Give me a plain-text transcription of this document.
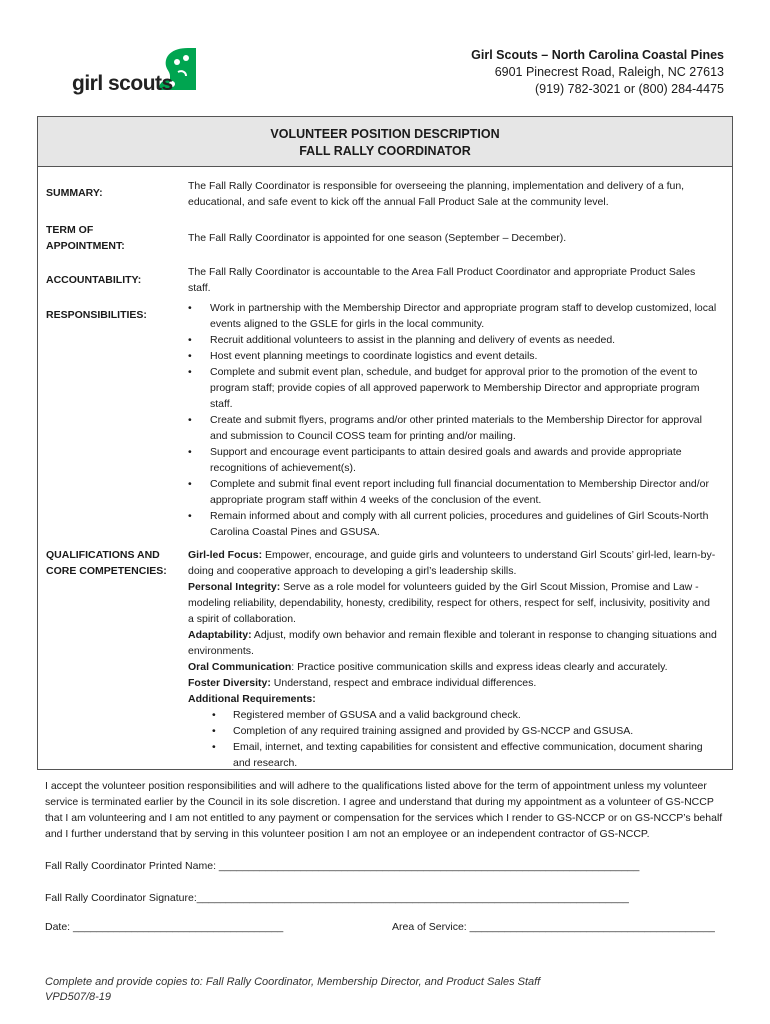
girl scouts
Girl Scouts – North Carolina Coastal Pines
6901 Pinecrest Road, Raleigh, NC 27613
(919) 782-3021 or (800) 284-4475
VOLUNTEER POSITION DESCRIPTION
FALL RALLY COORDINATOR
SUMMARY:
The Fall Rally Coordinator is responsible for overseeing the planning, implementation and delivery of a fun, educational, and safe event to kick off the annual Fall Product Sale at the community level.
TERM OF
APPOINTMENT:
The Fall Rally Coordinator is appointed for one season (September – December).
ACCOUNTABILITY:
The Fall Rally Coordinator is accountable to the Area Fall Product Coordinator and appropriate Product Sales staff.
RESPONSIBILITIES:
• Work in partnership with the Membership Director and appropriate program staff to develop customized, local events aligned to the GSLE for girls in the local community.
• Recruit additional volunteers to assist in the planning and delivery of events as needed.
• Host event planning meetings to coordinate logistics and event details.
• Complete and submit event plan, schedule, and budget for approval prior to the promotion of the event to program staff; provide copies of all approved paperwork to Membership Director and appropriate program staff.
• Create and submit flyers, programs and/or other printed materials to the Membership Director for approval and submission to Council COSS team for printing and/or mailing.
• Support and encourage event participants to attain desired goals and awards and provide appropriate recognitions of achievement(s).
• Complete and submit final event report including full financial documentation to Membership Director and/or appropriate program staff within 4 weeks of the conclusion of the event.
• Remain informed about and comply with all current policies, procedures and guidelines of Girl Scouts-North Carolina Coastal Pines and GSUSA.
QUALIFICATIONS AND
CORE COMPETENCIES:

Girl-led Focus: Empower, encourage, and guide girls and volunteers to understand Girl Scouts’ girl-led, learn-by-doing and cooperative approach to developing a girl’s leadership skills.

Personal Integrity: Serve as a role model for volunteers guided by the Girl Scout Mission, Promise and Law - modeling reliability, dependability, honesty, credibility, respect for others, respect for self, inclusivity, positivity and a spirit of collaboration.

Adaptability: Adjust, modify own behavior and remain flexible and tolerant in response to changing situations and environments.

Oral Communication: Practice positive communication skills and express ideas clearly and accurately.

Foster Diversity: Understand, respect and embrace individual differences.

Additional Requirements:

• Registered member of GSUSA and a valid background check.
• Completion of any required training assigned and provided by GS-NCCP and GSUSA.
• Email, internet, and texting capabilities for consistent and effective communication, document sharing and research.
I accept the volunteer position responsibilities and will adhere to the qualifications listed above for the term of appointment unless my volunteer service is terminated earlier by the Council in its sole discretion. I agree and understand that during my appointment as a volunteer of GS-NCCP that I am volunteering and I am not entitled to any payment or compensation for the services which I render to GS-NCCP or on GS-NCCP’s behalf and I further understand that by serving in this volunteer position I am not an employee or an independent contractor of GS-NCCP.
Fall Rally Coordinator Printed Name: ________________________________________________________________________
Fall Rally Coordinator Signature:__________________________________________________________________________
Date: ____________________________________	Area of Service: __________________________________________
Complete and provide copies to: Fall Rally Coordinator, Membership Director, and Product Sales Staff
VPD507/8-19
